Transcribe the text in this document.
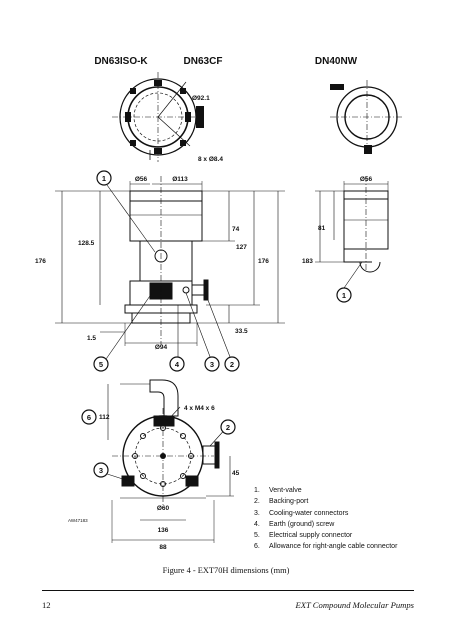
DN63ISO-K	DN63CF	DN40NW
Ø92.1
8 x Ø8.4
Ø56	Ø113	Ø56
74
127
128.5
176	176	183
81
1.5
33.5
Ø94
112
4 x M4 x 6
Ø60
136
88
45
AW47183
1
1
5	4	3 2
6
2
3
1.	Vent-valve
2.	Backing-port
3.	Cooling-water connectors
4.	Earth (ground) screw
5.	Electrical supply connector
6.	Allowance for right-angle cable connector
Figure 4 - EXT70H dimensions (mm)
12	EXT Compound Molecular Pumps
